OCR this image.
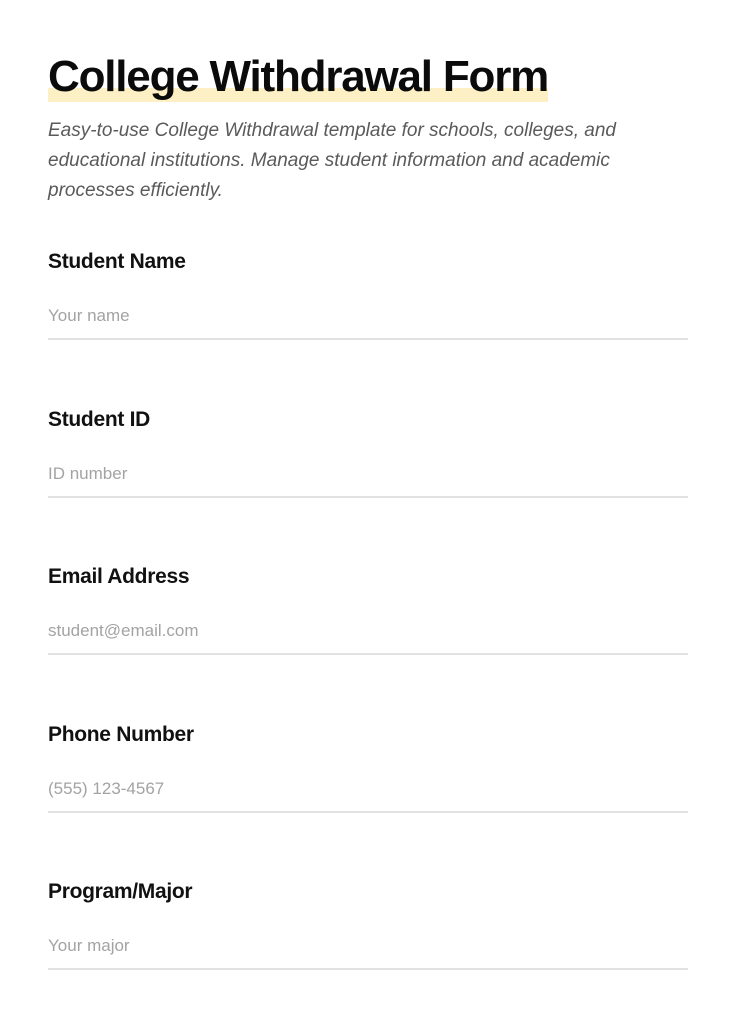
College Withdrawal Form

Easy-to-use College Withdrawal template for schools, colleges, and educational institutions. Manage student information and academic processes efficiently.

Student Name
Your name
Student ID
ID number
Email Address
student@email.com
Phone Number
(555) 123-4567
Program/Major
Your major
